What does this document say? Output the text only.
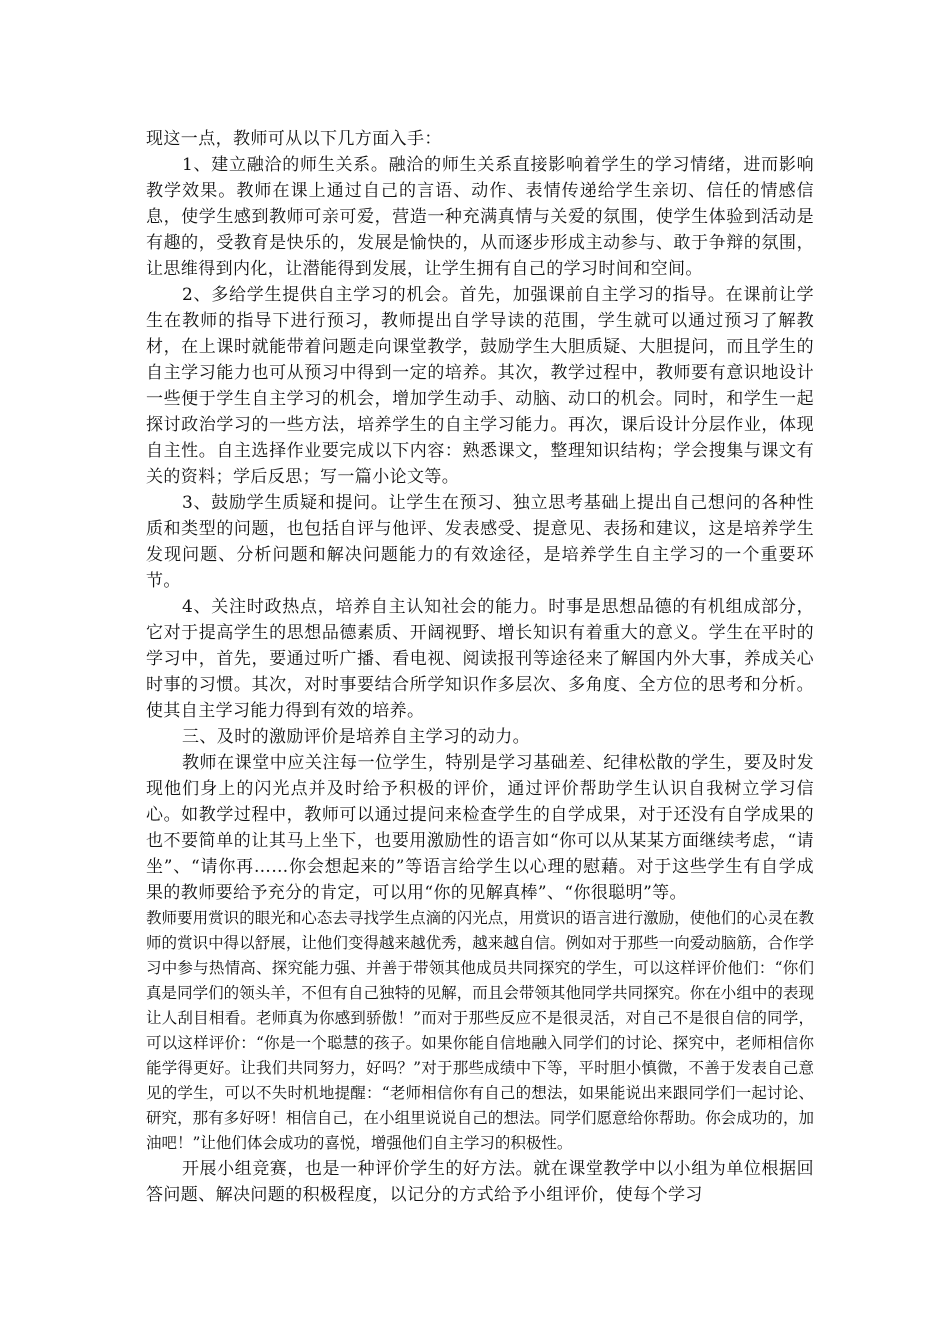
现这一点，教师可从以下几方面入手：

1、建立融洽的师生关系。融洽的师生关系直接影响着学生的学习情绪，进而影响教学效果。教师在课上通过自己的言语、动作、表情传递给学生亲切、信任的情感信息，使学生感到教师可亲可爱，营造一种充满真情与关爱的氛围，使学生体验到活动是有趣的，受教育是快乐的，发展是愉快的，从而逐步形成主动参与、敢于争辩的氛围，让思维得到内化，让潜能得到发展，让学生拥有自己的学习时间和空间。

2、多给学生提供自主学习的机会。首先，加强课前自主学习的指导。在课前让学生在教师的指导下进行预习，教师提出自学导读的范围，学生就可以通过预习了解教材，在上课时就能带着问题走向课堂教学，鼓励学生大胆质疑、大胆提问，而且学生的自主学习能力也可从预习中得到一定的培养。其次，教学过程中，教师要有意识地设计一些便于学生自主学习的机会，增加学生动手、动脑、动口的机会。同时，和学生一起探讨政治学习的一些方法，培养学生的自主学习能力。再次，课后设计分层作业，体现自主性。自主选择作业要完成以下内容：熟悉课文，整理知识结构；学会搜集与课文有关的资料；学后反思；写一篇小论文等。

3、鼓励学生质疑和提问。让学生在预习、独立思考基础上提出自己想问的各种性质和类型的问题，也包括自评与他评、发表感受、提意见、表扬和建议，这是培养学生发现问题、分析问题和解决问题能力的有效途径，是培养学生自主学习的一个重要环节。

4、关注时政热点，培养自主认知社会的能力。时事是思想品德的有机组成部分，它对于提高学生的思想品德素质、开阔视野、增长知识有着重大的意义。学生在平时的学习中，首先，要通过听广播、看电视、阅读报刊等途径来了解国内外大事，养成关心时事的习惯。其次，对时事要结合所学知识作多层次、多角度、全方位的思考和分析。使其自主学习能力得到有效的培养。

三、及时的激励评价是培养自主学习的动力。

教师在课堂中应关注每一位学生，特别是学习基础差、纪律松散的学生，要及时发现他们身上的闪光点并及时给予积极的评价，通过评价帮助学生认识自我树立学习信心。如教学过程中，教师可以通过提问来检查学生的自学成果，对于还没有自学成果的也不要简单的让其马上坐下，也要用激励性的语言如“你可以从某某方面继续考虑，“请坐”、“请你再……你会想起来的”等语言给学生以心理的慰藉。对于这些学生有自学成果的教师要给予充分的肯定，可以用“你的见解真棒”、“你很聪明”等。

教师要用赏识的眼光和心态去寻找学生点滴的闪光点，用赏识的语言进行激励，使他们的心灵在教师的赏识中得以舒展，让他们变得越来越优秀，越来越自信。例如对于那些一向爱动脑筋，合作学习中参与热情高、探究能力强、并善于带领其他成员共同探究的学生，可以这样评价他们：“你们真是同学们的领头羊，不但有自己独特的见解，而且会带领其他同学共同探究。你在小组中的表现让人刮目相看。老师真为你感到骄傲！”而对于那些反应不是很灵活，对自己不是很自信的同学，可以这样评价：“你是一个聪慧的孩子。如果你能自信地融入同学们的讨论、探究中，老师相信你能学得更好。让我们共同努力，好吗？”对于那些成绩中下等，平时胆小慎微，不善于发表自己意见的学生，可以不失时机地提醒：“老师相信你有自己的想法，如果能说出来跟同学们一起讨论、研究，那有多好呀！相信自己，在小组里说说自己的想法。同学们愿意给你帮助。你会成功的，加油吧！”让他们体会成功的喜悦，增强他们自主学习的积极性。

开展小组竞赛，也是一种评价学生的好方法。就在课堂教学中以小组为单位根据回答问题、解决问题的积极程度，以记分的方式给予小组评价，使每个学习
